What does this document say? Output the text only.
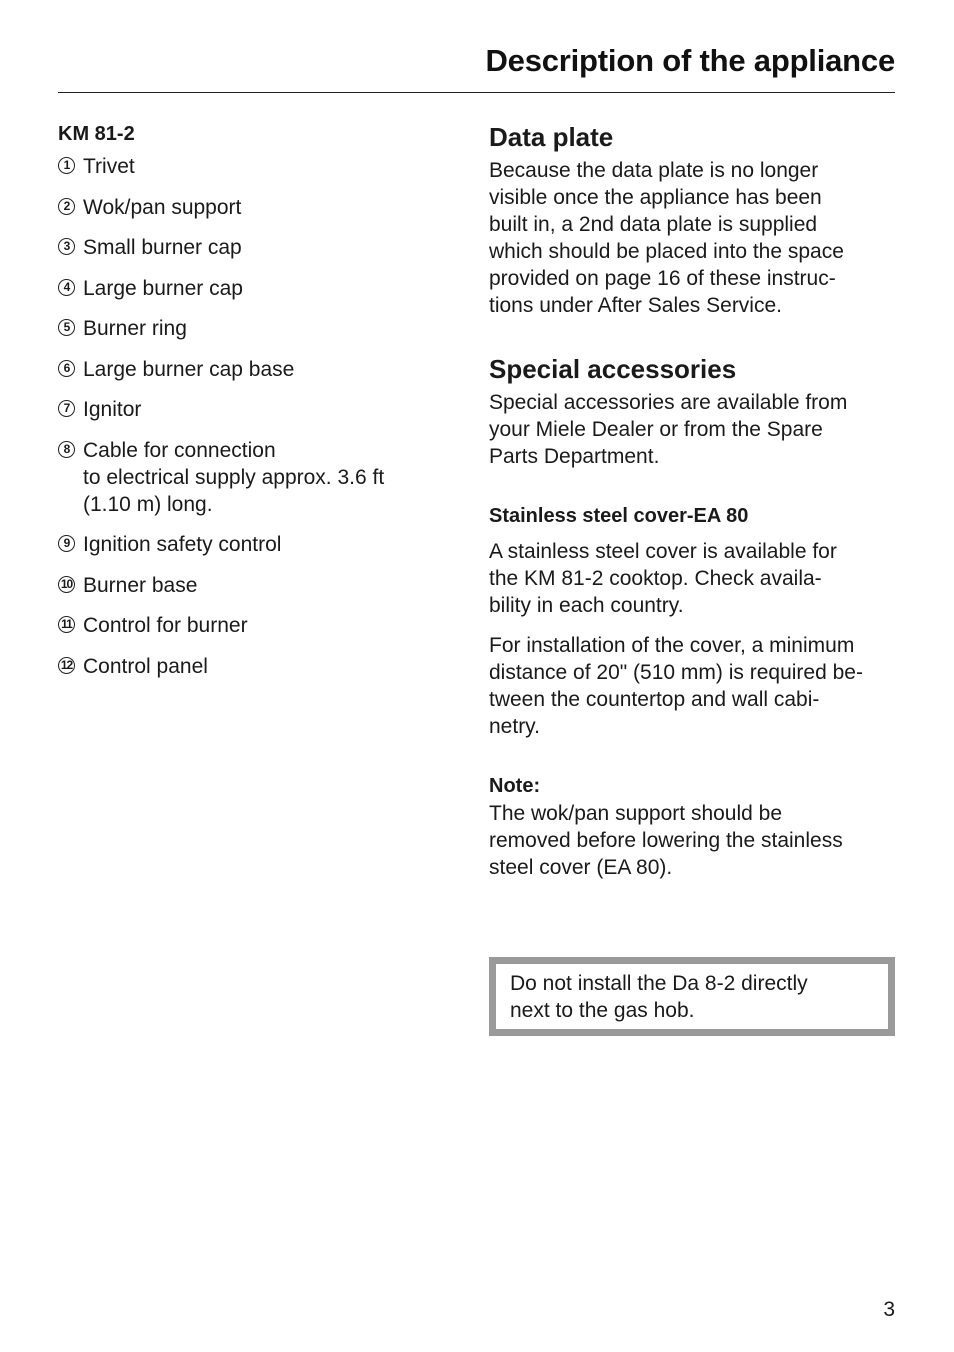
Description of the appliance
KM 81-2
1 Trivet
2 Wok/pan support
3 Small burner cap
4 Large burner cap
5 Burner ring
6 Large burner cap base
7 Ignitor
8 Cable for connection
to electrical supply approx. 3.6 ft
(1.10 m) long.
9 Ignition safety control
10 Burner base
11 Control for burner
12 Control panel
Data plate

Because the data plate is no longer
visible once the appliance has been
built in, a 2nd data plate is supplied
which should be placed into the space
provided on page 16 of these instruc-
tions under After Sales Service.

Special accessories

Special accessories are available from
your Miele Dealer or from the Spare
Parts Department.

Stainless steel cover-EA 80

A stainless steel cover is available for
the KM 81-2 cooktop. Check availa-
bility in each country.

For installation of the cover, a minimum
distance of 20" (510 mm) is required be-
tween the countertop and wall cabi-
netry.

Note:

The wok/pan support should be
removed before lowering the stainless
steel cover (EA 80).

Do not install the Da 8-2 directly
next to the gas hob.

3
